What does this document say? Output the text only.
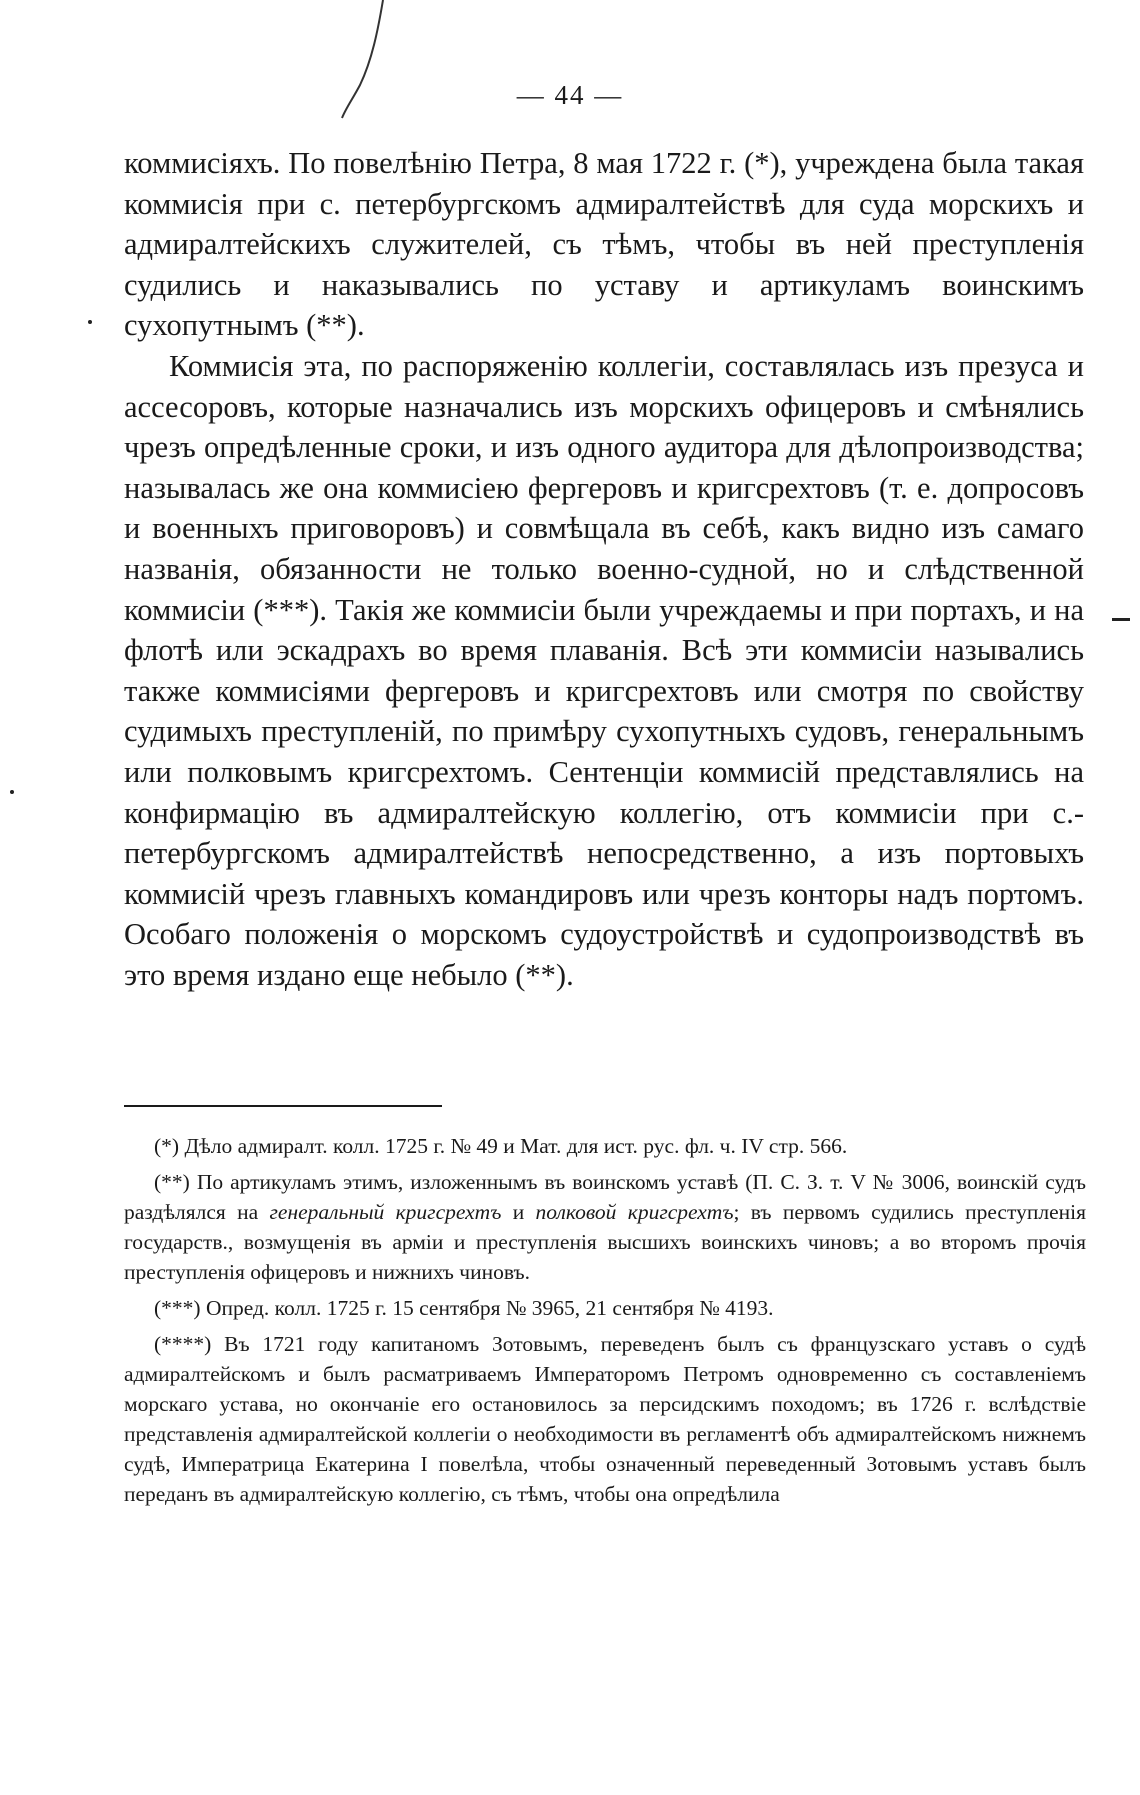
— 44 —

коммисіяхъ. По повелѣнію Петра, 8 мая 1722 г. (*), учреждена была такая коммисія при с. петербургскомъ адмиралтействѣ для суда морскихъ и адмиралтейскихъ служителей, съ тѣмъ, чтобы въ ней преступленія судились и наказывались по уставу и артикуламъ воинскимъ сухопутнымъ (**).

Коммисія эта, по распоряженію коллегіи, составлялась изъ презуса и ассесоровъ, которые назначались изъ морскихъ офицеровъ и смѣнялись чрезъ опредѣленные сроки, и изъ одного аудитора для дѣлопроизводства; называлась же она коммисіею фергеровъ и кригсрехтовъ (т. е. допросовъ и военныхъ приговоровъ) и совмѣщала въ себѣ, какъ видно изъ самаго названія, обязанности не только военно-судной, но и слѣдственной коммисіи (***). Такія же коммисіи были учреждаемы и при портахъ, и на флотѣ или эскадрахъ во время плаванія. Всѣ эти коммисіи назывались также коммисіями фергеровъ и кригсрехтовъ или смотря по свойству судимыхъ преступленій, по примѣру сухопутныхъ судовъ, генеральнымъ или полковымъ кригсрехтомъ. Сентенціи коммисій представлялись на конфирмацію въ адмиралтейскую коллегію, отъ коммисіи при с.-петербургскомъ адмиралтействѣ непосредственно, а изъ портовыхъ коммисій чрезъ главныхъ командировъ или чрезъ конторы надъ портомъ. Особаго положенія о морскомъ судоустройствѣ и судопроизводствѣ въ это время издано еще небыло (**).

(*) Дѣло адмиралт. колл. 1725 г. № 49 и Мат. для ист. рус. фл. ч. IV стр. 566.

(**) По артикуламъ этимъ, изложеннымъ въ воинскомъ уставѣ (П. С. З. т. V № 3006, воинскій судъ раздѣлялся на генеральный кригсрехтъ и полковой кригсрехтъ; въ первомъ судились преступленія государств., возмущенія въ арміи и преступленія высшихъ воинскихъ чиновъ; а во второмъ прочія преступленія офицеровъ и нижнихъ чиновъ.

(***) Опред. колл. 1725 г. 15 сентября № 3965, 21 сентября № 4193.

(****) Въ 1721 году капитаномъ Зотовымъ, переведенъ былъ съ французскаго уставъ о судѣ адмиралтейскомъ и былъ расматриваемъ Императоромъ Петромъ одновременно съ составленіемъ морскаго устава, но окончаніе его остановилось за персидскимъ походомъ; въ 1726 г. вслѣдствіе представленія адмиралтейской коллегіи о необходимости въ регламентѣ объ адмиралтейскомъ нижнемъ судѣ, Императрица Екатерина I повелѣла, чтобы означенный переведенный Зотовымъ уставъ былъ переданъ въ адмиралтейскую коллегію, съ тѣмъ, чтобы она опредѣлила
